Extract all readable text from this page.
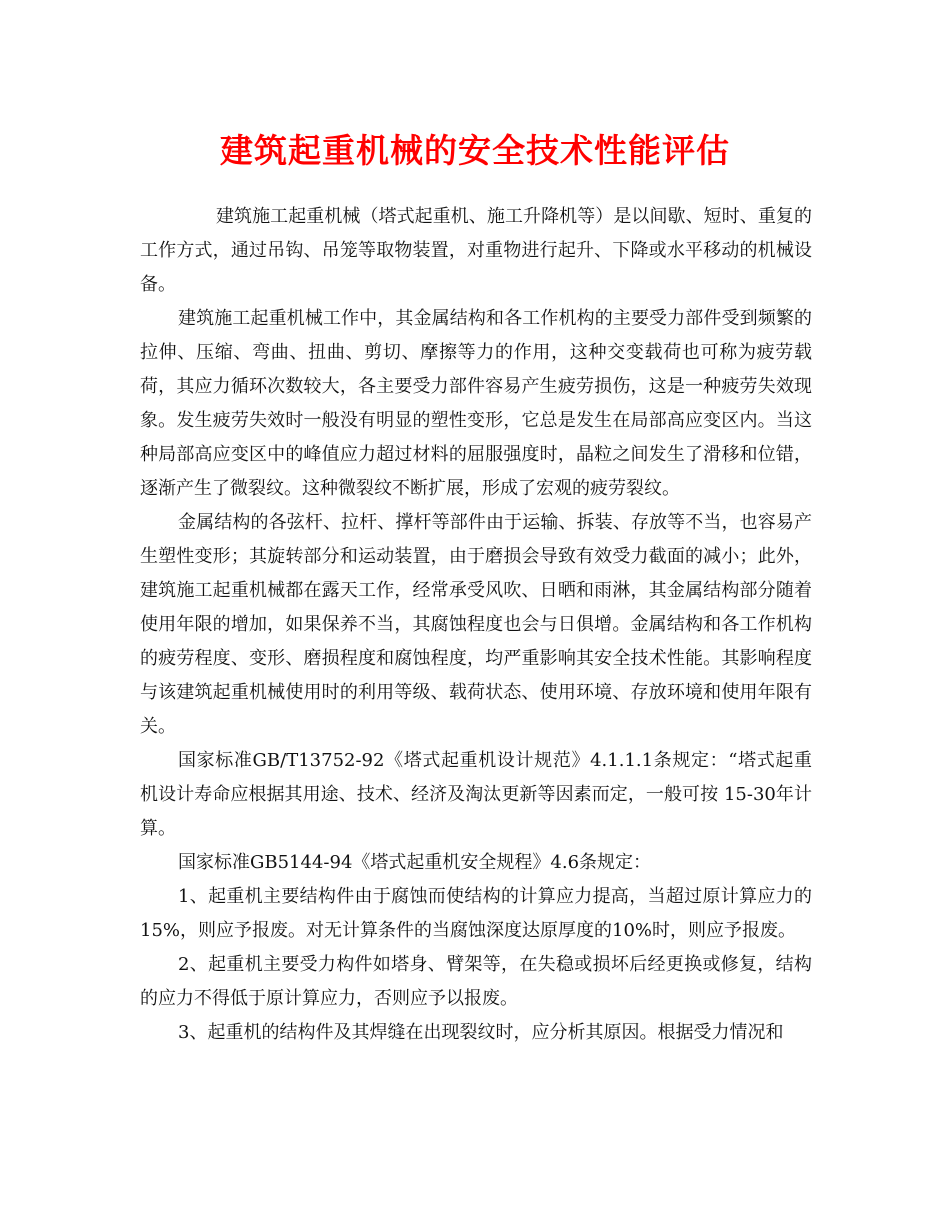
建筑起重机械的安全技术性能评估

建筑施工起重机械（塔式起重机、施工升降机等）是以间歇、短时、重复的工作方式，通过吊钩、吊笼等取物装置，对重物进行起升、下降或水平移动的机械设备。

建筑施工起重机械工作中，其金属结构和各工作机构的主要受力部件受到频繁的拉伸、压缩、弯曲、扭曲、剪切、摩擦等力的作用，这种交变载荷也可称为疲劳载荷，其应力循环次数较大，各主要受力部件容易产生疲劳损伤，这是一种疲劳失效现象。发生疲劳失效时一般没有明显的塑性变形，它总是发生在局部高应变区内。当这种局部高应变区中的峰值应力超过材料的屈服强度时，晶粒之间发生了滑移和位错，逐渐产生了微裂纹。这种微裂纹不断扩展，形成了宏观的疲劳裂纹。

金属结构的各弦杆、拉杆、撑杆等部件由于运输、拆装、存放等不当，也容易产生塑性变形；其旋转部分和运动装置，由于磨损会导致有效受力截面的减小；此外，建筑施工起重机械都在露天工作，经常承受风吹、日晒和雨淋，其金属结构部分随着使用年限的增加，如果保养不当，其腐蚀程度也会与日俱增。金属结构和各工作机构的疲劳程度、变形、磨损程度和腐蚀程度，均严重影响其安全技术性能。其影响程度与该建筑起重机械使用时的利用等级、载荷状态、使用环境、存放环境和使用年限有关。

国家标准GB/T13752-92《塔式起重机设计规范》4.1.1.1条规定：“塔式起重机设计寿命应根据其用途、技术、经济及淘汰更新等因素而定，一般可按 15-30年计算。

国家标准GB5144-94《塔式起重机安全规程》4.6条规定：

1、起重机主要结构件由于腐蚀而使结构的计算应力提高，当超过原计算应力的15%，则应予报废。对无计算条件的当腐蚀深度达原厚度的10%时，则应予报废。

2、起重机主要受力构件如塔身、臂架等，在失稳或损坏后经更换或修复，结构的应力不得低于原计算应力，否则应予以报废。

3、起重机的结构件及其焊缝在出现裂纹时，应分析其原因。根据受力情况和
